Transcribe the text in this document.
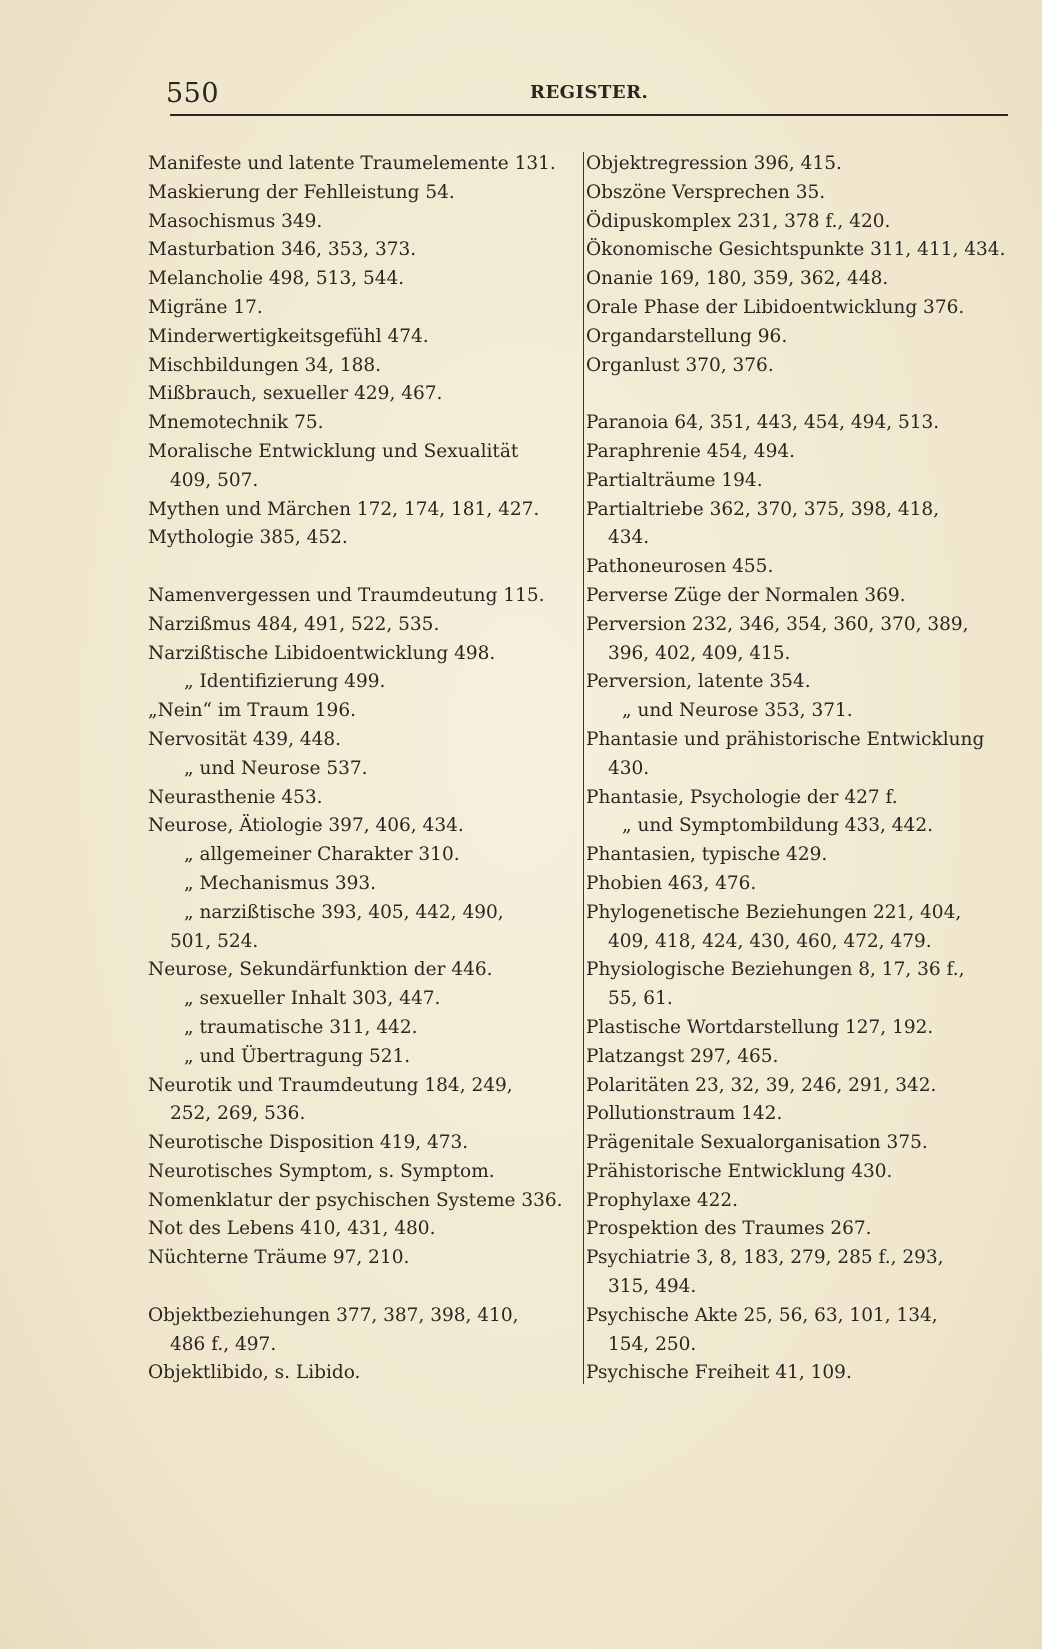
550	REGISTER.
Manifeste und latente Traumelemente 131.
Maskierung der Fehlleistung 54.
Masochismus 349.
Masturbation 346, 353, 373.
Melancholie 498, 513, 544.
Migräne 17.
Minderwertigkeitsgefühl 474.
Mischbildungen 34, 188.
Mißbrauch, sexueller 429, 467.
Mnemotechnik 75.
Moralische Entwicklung und Sexualität
409, 507.
Mythen und Märchen 172, 174, 181, 427.
Mythologie 385, 452.
Namenvergessen und Traumdeutung 115.
Narzißmus 484, 491, 522, 535.
Narzißtische Libidoentwicklung 498.
„ Identifizierung 499.
„Nein“ im Traum 196.
Nervosität 439, 448.
„ und Neurose 537.
Neurasthenie 453.
Neurose, Ätiologie 397, 406, 434.
„ allgemeiner Charakter 310.
„ Mechanismus 393.
„ narzißtische 393, 405, 442, 490,
501, 524.
Neurose, Sekundärfunktion der 446.
„ sexueller Inhalt 303, 447.
„ traumatische 311, 442.
„ und Übertragung 521.
Neurotik und Traumdeutung 184, 249,
252, 269, 536.
Neurotische Disposition 419, 473.
Neurotisches Symptom, s. Symptom.
Nomenklatur der psychischen Systeme 336.
Not des Lebens 410, 431, 480.
Nüchterne Träume 97, 210.
Objektbeziehungen 377, 387, 398, 410,
486 f., 497.
Objektlibido, s. Libido.
Objektregression 396, 415.
Obszöne Versprechen 35.
Ödipuskomplex 231, 378 f., 420.
Ökonomische Gesichtspunkte 311, 411, 434.
Onanie 169, 180, 359, 362, 448.
Orale Phase der Libidoentwicklung 376.
Organdarstellung 96.
Organlust 370, 376.
Paranoia 64, 351, 443, 454, 494, 513.
Paraphrenie 454, 494.
Partialträume 194.
Partialtriebe 362, 370, 375, 398, 418,
434.
Pathoneurosen 455.
Perverse Züge der Normalen 369.
Perversion 232, 346, 354, 360, 370, 389,
396, 402, 409, 415.
Perversion, latente 354.
„ und Neurose 353, 371.
Phantasie und prähistorische Entwicklung
430.
Phantasie, Psychologie der 427 f.
„ und Symptombildung 433, 442.
Phantasien, typische 429.
Phobien 463, 476.
Phylogenetische Beziehungen 221, 404,
409, 418, 424, 430, 460, 472, 479.
Physiologische Beziehungen 8, 17, 36 f.,
55, 61.
Plastische Wortdarstellung 127, 192.
Platzangst 297, 465.
Polaritäten 23, 32, 39, 246, 291, 342.
Pollutionstraum 142.
Prägenitale Sexualorganisation 375.
Prähistorische Entwicklung 430.
Prophylaxe 422.
Prospektion des Traumes 267.
Psychiatrie 3, 8, 183, 279, 285 f., 293,
315, 494.
Psychische Akte 25, 56, 63, 101, 134,
154, 250.
Psychische Freiheit 41, 109.
